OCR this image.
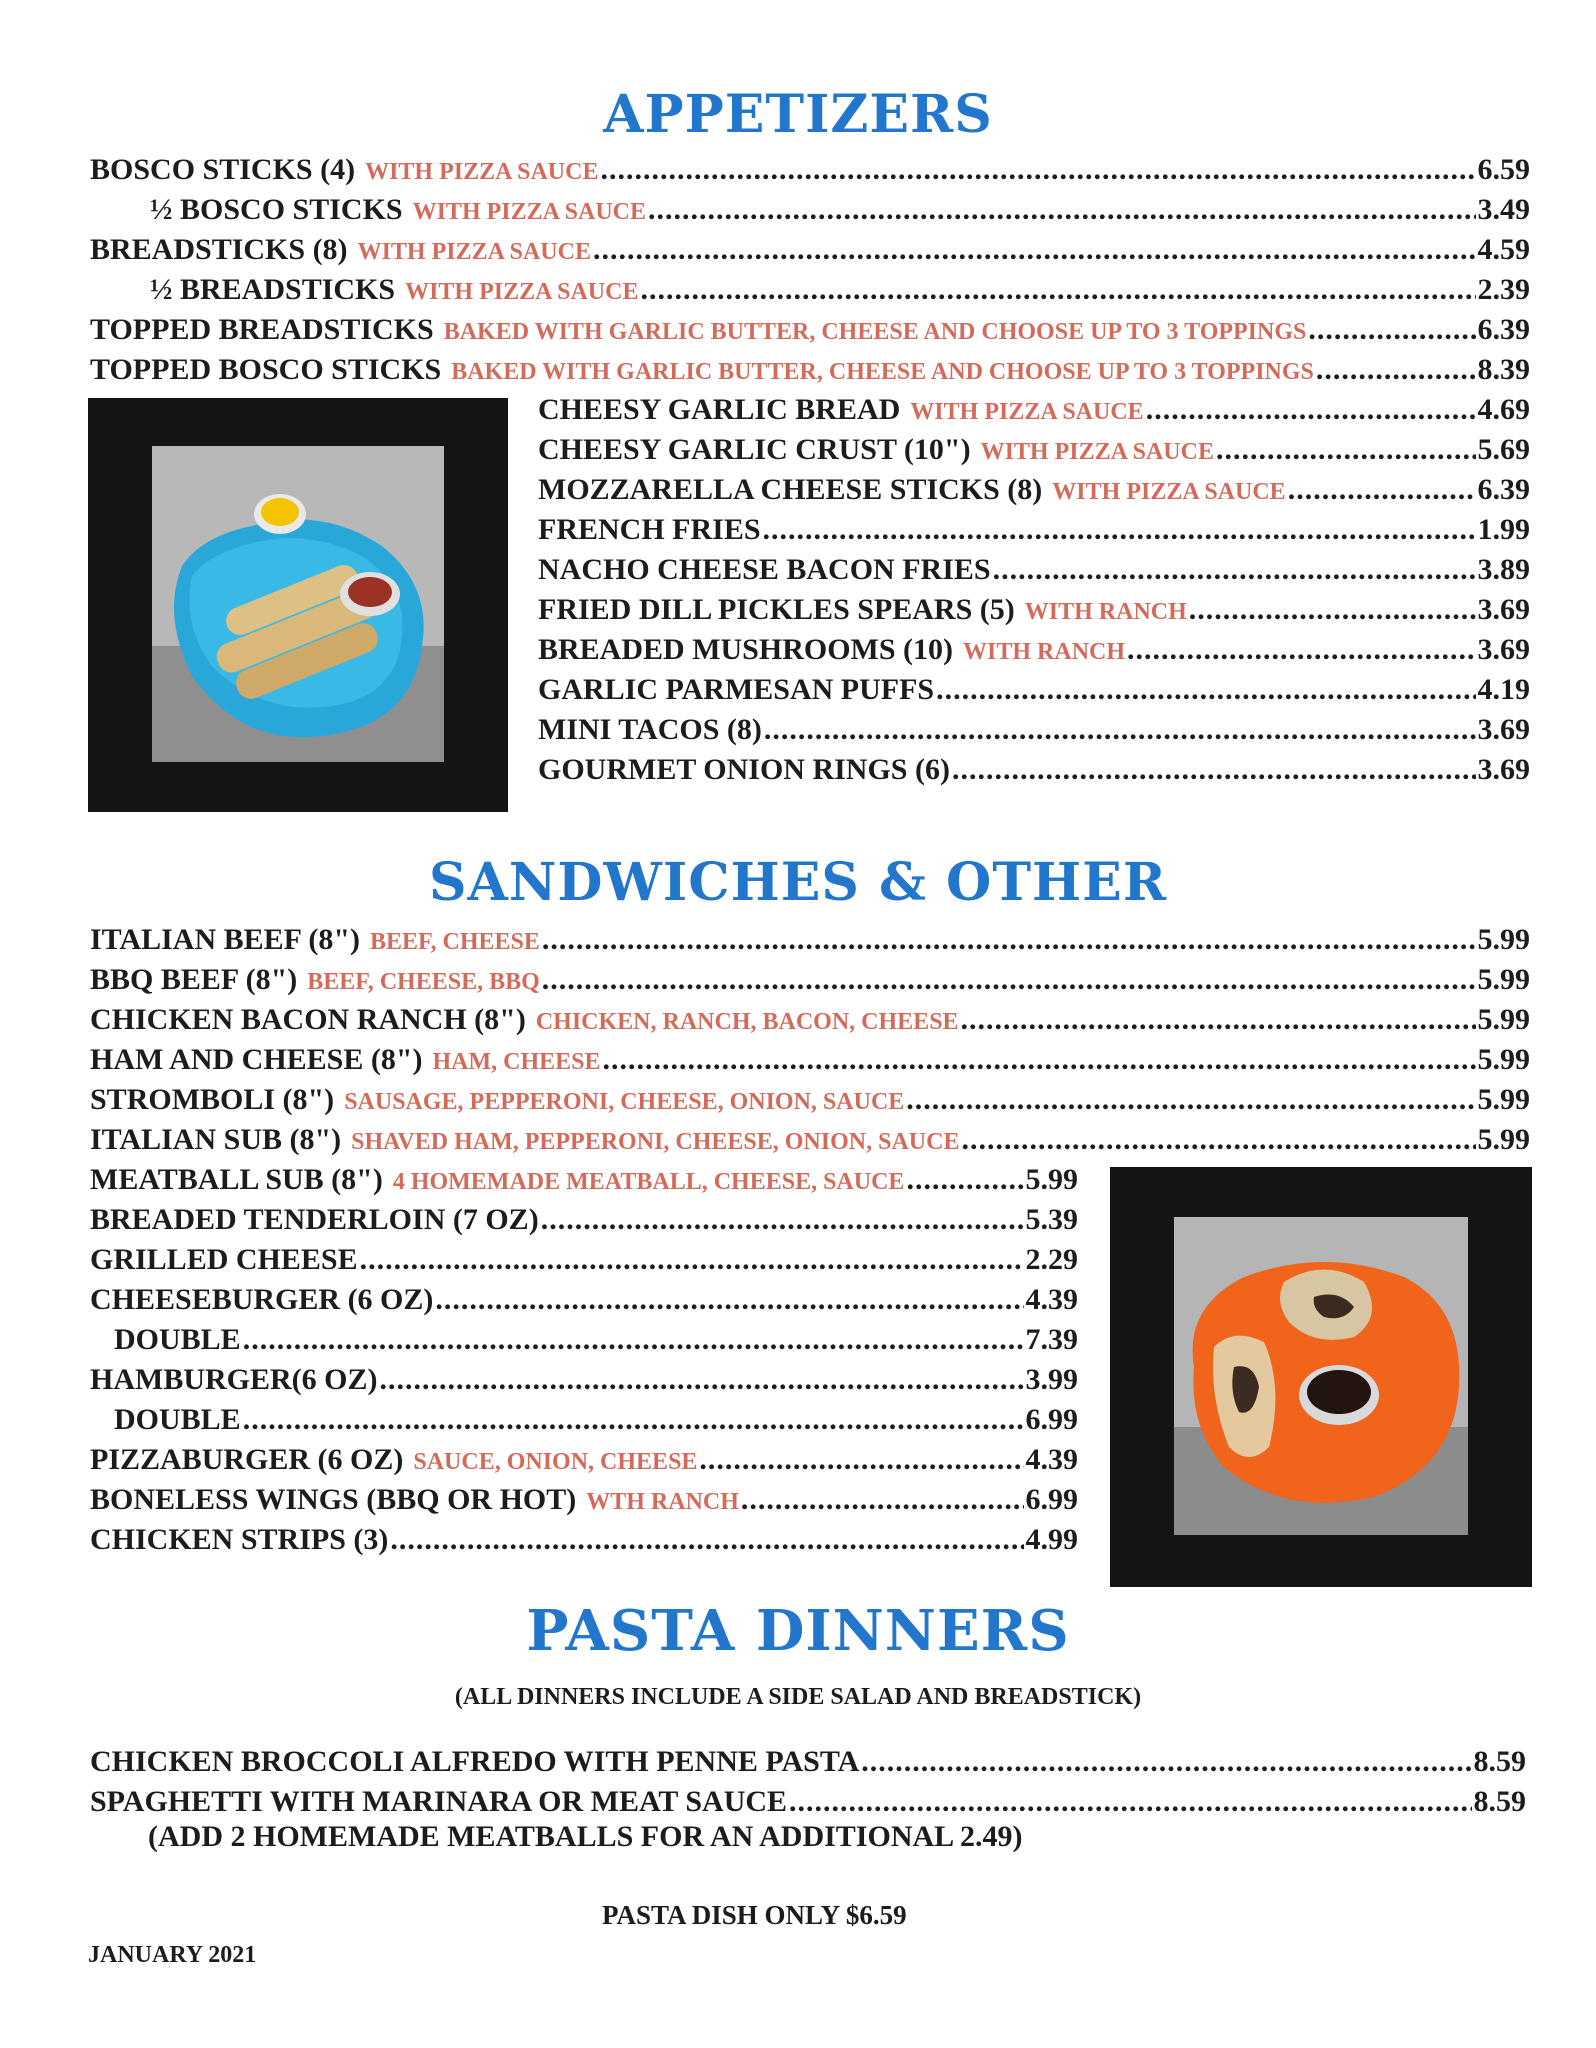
APPETIZERS
BOSCO STICKS (4) WITH PIZZA SAUCE .....	6.59
½ BOSCO STICKS WITH PIZZA SAUCE .....	3.49
BREADSTICKS (8) WITH PIZZA SAUCE .....	4.59
½ BREADSTICKS WITH PIZZA SAUCE .....	2.39
TOPPED BREADSTICKS BAKED WITH GARLIC BUTTER, CHEESE AND CHOOSE UP TO 3 TOPPINGS .....	6.39
TOPPED BOSCO STICKS BAKED WITH GARLIC BUTTER, CHEESE AND CHOOSE UP TO 3 TOPPINGS .....	8.39
CHEESY GARLIC BREAD WITH PIZZA SAUCE .....	4.69
CHEESY GARLIC CRUST (10") WITH PIZZA SAUCE .....	5.69
MOZZARELLA CHEESE STICKS (8) WITH PIZZA SAUCE .....	6.39
FRENCH FRIES .....	1.99
NACHO CHEESE BACON FRIES .....	3.89
FRIED DILL PICKLES SPEARS (5) WITH RANCH .....	3.69
BREADED MUSHROOMS (10) WITH RANCH .....	3.69
GARLIC PARMESAN PUFFS .....	4.19
MINI TACOS (8) .....	3.69
GOURMET ONION RINGS (6) .....	3.69
SANDWICHES & OTHER
ITALIAN BEEF (8") BEEF, CHEESE .....	5.99
BBQ BEEF (8") BEEF, CHEESE, BBQ .....	5.99
CHICKEN BACON RANCH (8") CHICKEN, RANCH, BACON, CHEESE .....	5.99
HAM AND CHEESE (8") HAM, CHEESE .....	5.99
STROMBOLI (8") SAUSAGE, PEPPERONI, CHEESE, ONION, SAUCE .....	5.99
ITALIAN SUB (8") SHAVED HAM, PEPPERONI, CHEESE, ONION, SAUCE .....	5.99
MEATBALL SUB (8") 4 HOMEMADE MEATBALL, CHEESE, SAUCE .....	5.99
BREADED TENDERLOIN (7 OZ) .....	5.39
GRILLED CHEESE .....	2.29
CHEESEBURGER (6 OZ) .....	4.39
DOUBLE .....	7.39
HAMBURGER(6 OZ) .....	3.99
DOUBLE .....	6.99
PIZZABURGER (6 OZ) SAUCE, ONION, CHEESE .....	4.39
BONELESS WINGS (BBQ OR HOT) WTH RANCH .....	6.99
CHICKEN STRIPS (3) .....	4.99
PASTA DINNERS
(ALL DINNERS INCLUDE A SIDE SALAD AND BREADSTICK)
CHICKEN BROCCOLI ALFREDO WITH PENNE PASTA .....	8.59
SPAGHETTI WITH MARINARA OR MEAT SAUCE .....	8.59
(ADD 2 HOMEMADE MEATBALLS FOR AN ADDITIONAL 2.49)
PASTA DISH ONLY $6.59
JANUARY 2021
